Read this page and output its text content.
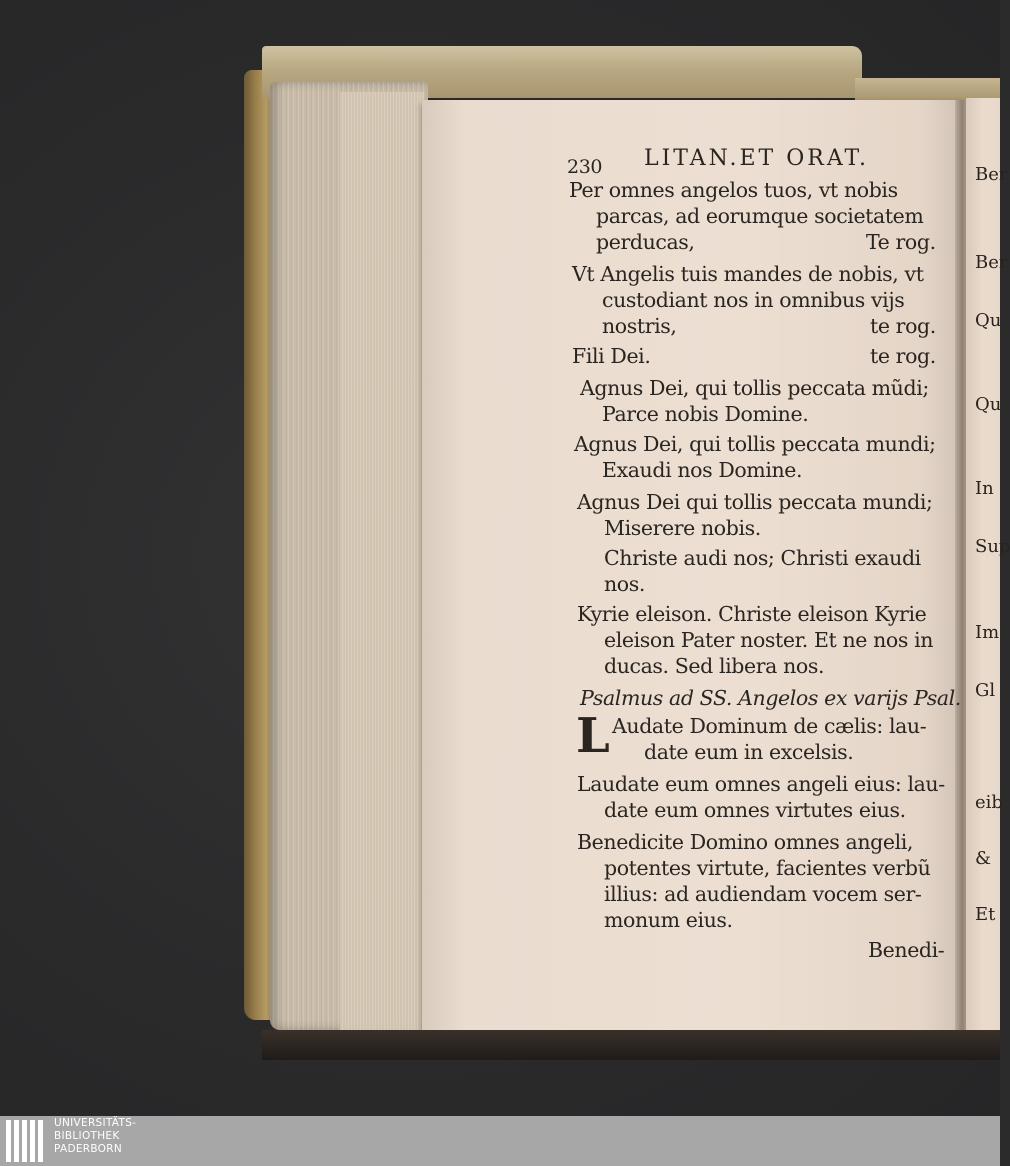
Ber
Ber
Qu
Qu
In
Sup
Im
Gl
eib
&
Et
230 LITAN.ET ORAT.
Per omnes angelos tuos, vt nobis
parcas, ad eorumque societatem
perducas,	Te rog.
Vt Angelis tuis mandes de nobis, vt
custodiant nos in omnibus vijs
nostris,	te rog.
Fili Dei.	te rog.
Agnus Dei, qui tollis peccata mũdi;
Parce nobis Domine.
Agnus Dei, qui tollis peccata mundi;
Exaudi nos Domine.
Agnus Dei qui tollis peccata mundi;
Miserere nobis.
Christe audi nos; Christi exaudi
nos.
Kyrie eleison. Christe eleison Kyrie
eleison Pater noster. Et ne nos in
ducas. Sed libera nos.
Psalmus ad SS. Angelos ex varijs Psal.
L Audate Dominum de cælis: lau-
date eum in excelsis.
Laudate eum omnes angeli eius: lau-
date eum omnes virtutes eius.
Benedicite Domino omnes angeli,
potentes virtute, facientes verbũ
illius: ad audiendam vocem ser-
monum eius.
Benedi-
UNIVERSITÄTS-
BIBLIOTHEK
PADERBORN
